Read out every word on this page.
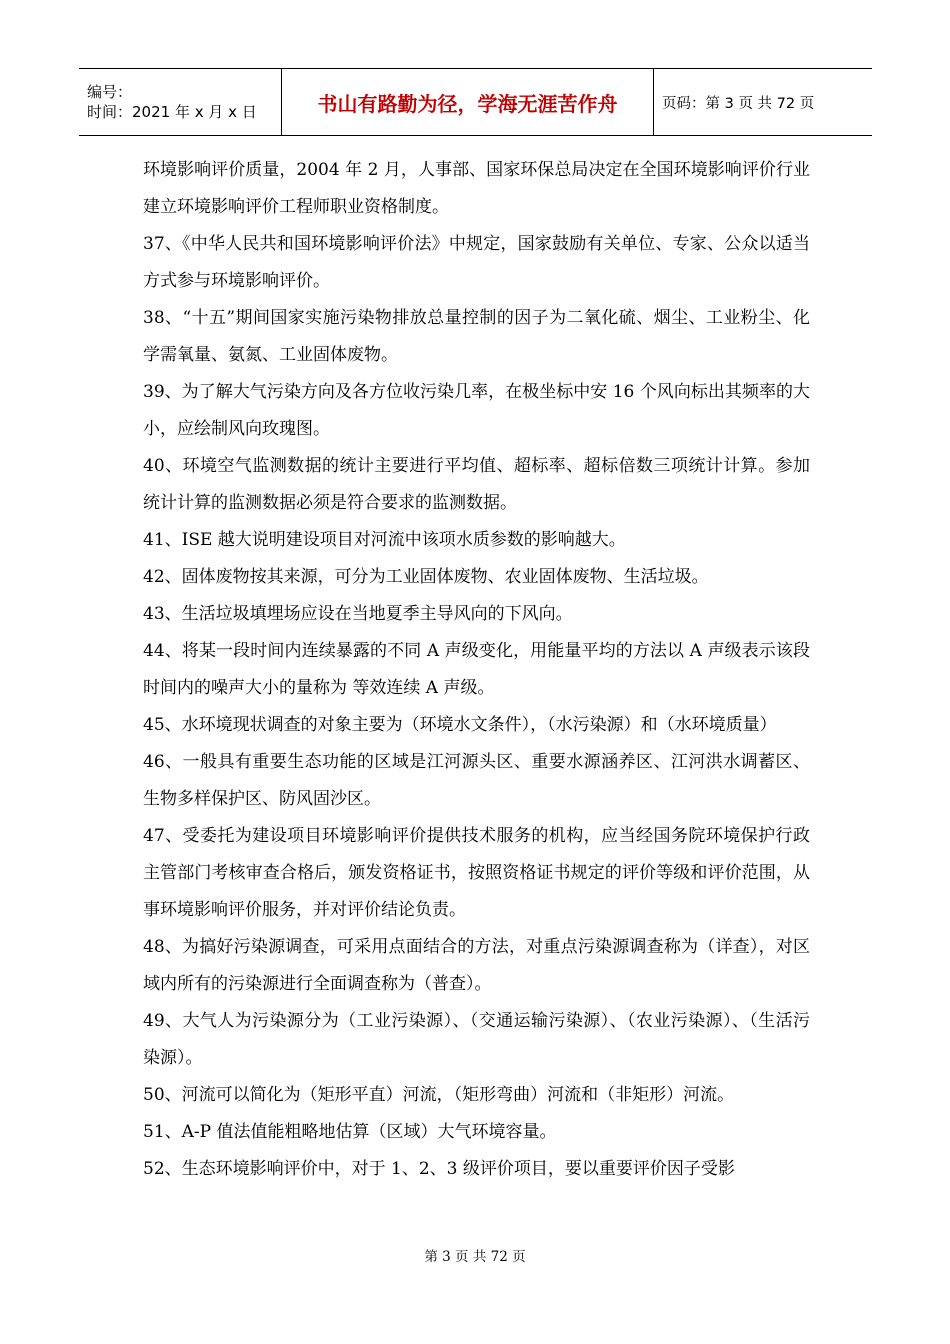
编号：
时间：2021 年 x 月 x 日	书山有路勤为径，学海无涯苦作舟	页码：第 3 页 共 72 页

环境影响评价质量，2004 年 2 月，人事部、国家环保总局决定在全国环境影响评价行业建立环境影响评价工程师职业资格制度。

37、《中华人民共和国环境影响评价法》中规定，国家鼓励有关单位、专家、公众以适当方式参与环境影响评价。

38、“十五”期间国家实施污染物排放总量控制的因子为二氧化硫、烟尘、工业粉尘、化学需氧量、氨氮、工业固体废物。

39、为了解大气污染方向及各方位收污染几率，在极坐标中安 16 个风向标出其频率的大小，应绘制风向玫瑰图。

40、环境空气监测数据的统计主要进行平均值、超标率、超标倍数三项统计计算。参加统计计算的监测数据必须是符合要求的监测数据。

41、ISE 越大说明建设项目对河流中该项水质参数的影响越大。

42、固体废物按其来源，可分为工业固体废物、农业固体废物、生活垃圾。

43、生活垃圾填埋场应设在当地夏季主导风向的下风向。

44、将某一段时间内连续暴露的不同 A 声级变化，用能量平均的方法以 A 声级表示该段时间内的噪声大小的量称为 等效连续 A 声级。

45、水环境现状调查的对象主要为（环境水文条件），（水污染源）和（水环境质量）

46、一般具有重要生态功能的区域是江河源头区、重要水源涵养区、江河洪水调蓄区、生物多样保护区、防风固沙区。

47、受委托为建设项目环境影响评价提供技术服务的机构，应当经国务院环境保护行政主管部门考核审查合格后，颁发资格证书，按照资格证书规定的评价等级和评价范围，从事环境影响评价服务，并对评价结论负责。

48、为搞好污染源调查，可采用点面结合的方法，对重点污染源调查称为（详查），对区域内所有的污染源进行全面调查称为（普查）。

49、大气人为污染源分为（工业污染源）、（交通运输污染源）、（农业污染源）、（生活污染源）。

50、河流可以简化为（矩形平直）河流，（矩形弯曲）河流和（非矩形）河流。

51、A-P 值法值能粗略地估算（区域）大气环境容量。

52、生态环境影响评价中，对于 1、2、3 级评价项目，要以重要评价因子受影

第 3 页 共 72 页
